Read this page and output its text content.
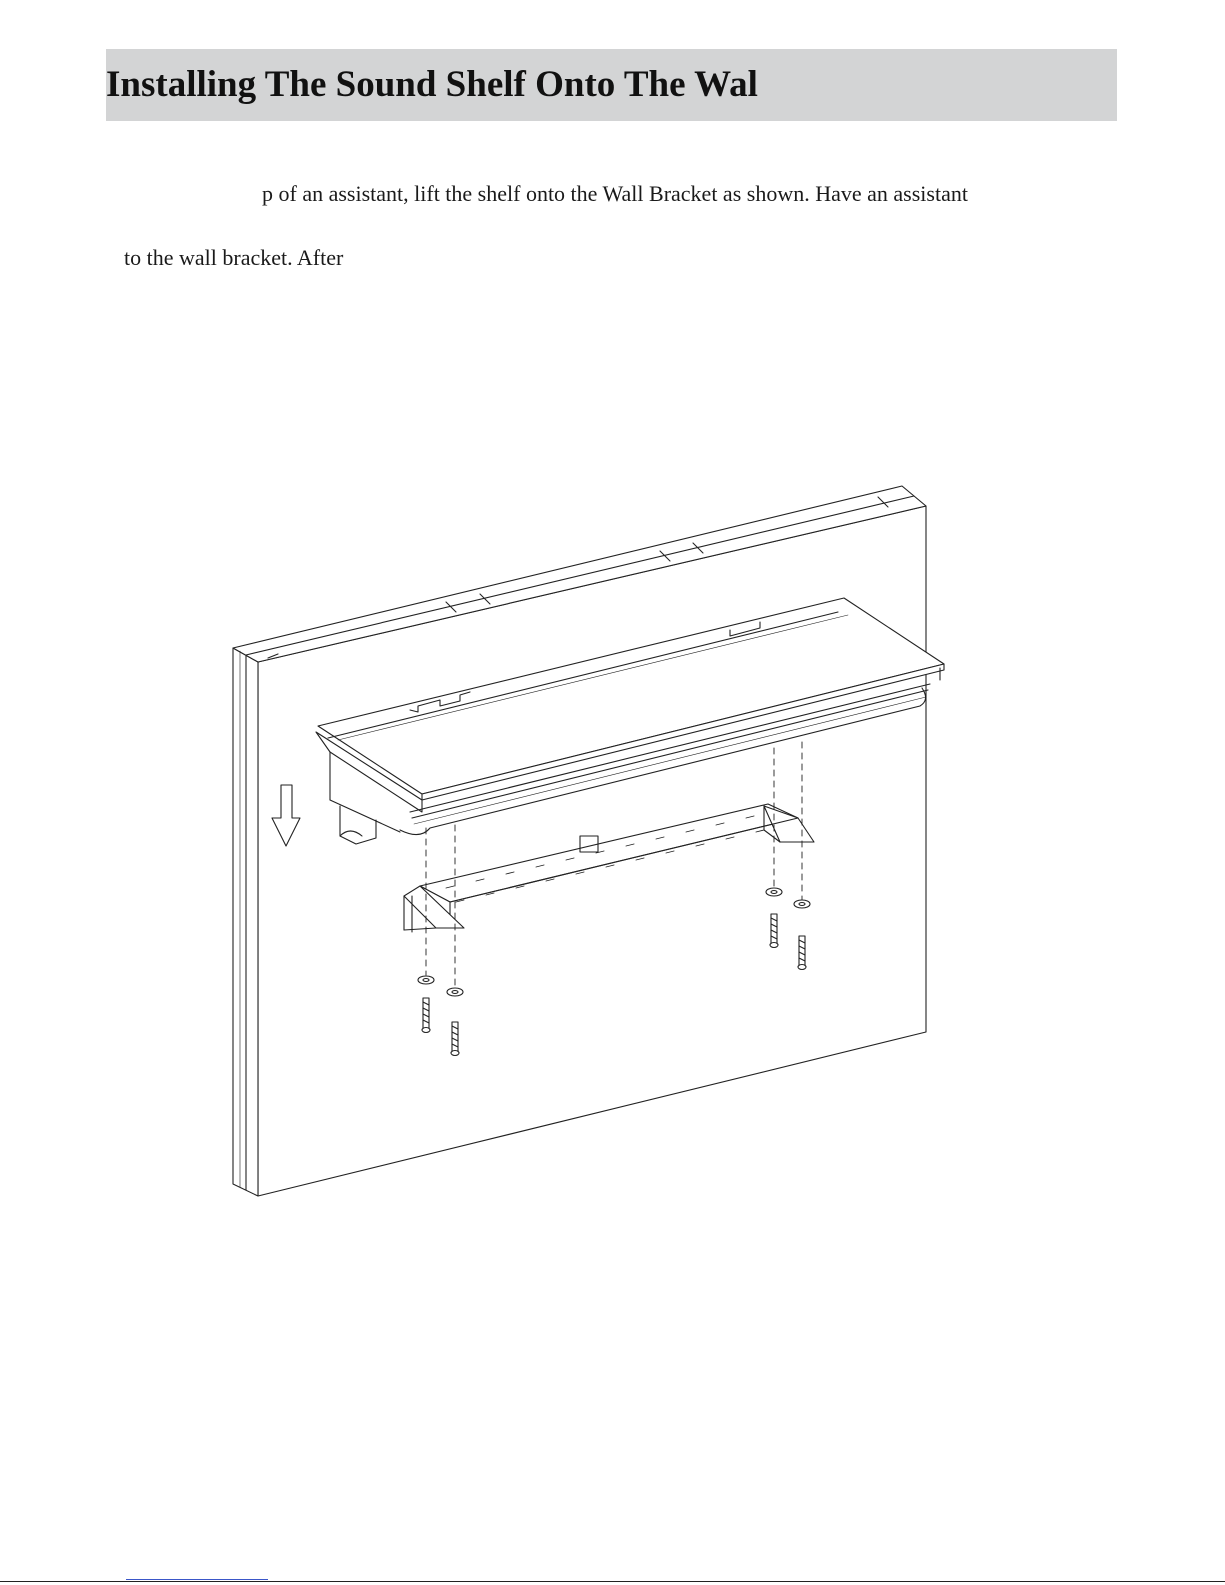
Installing The Sound Shelf Onto The Wal

p of an assistant, lift the shelf onto the Wall Bracket as shown. Have an assistant

to the wall bracket. After
